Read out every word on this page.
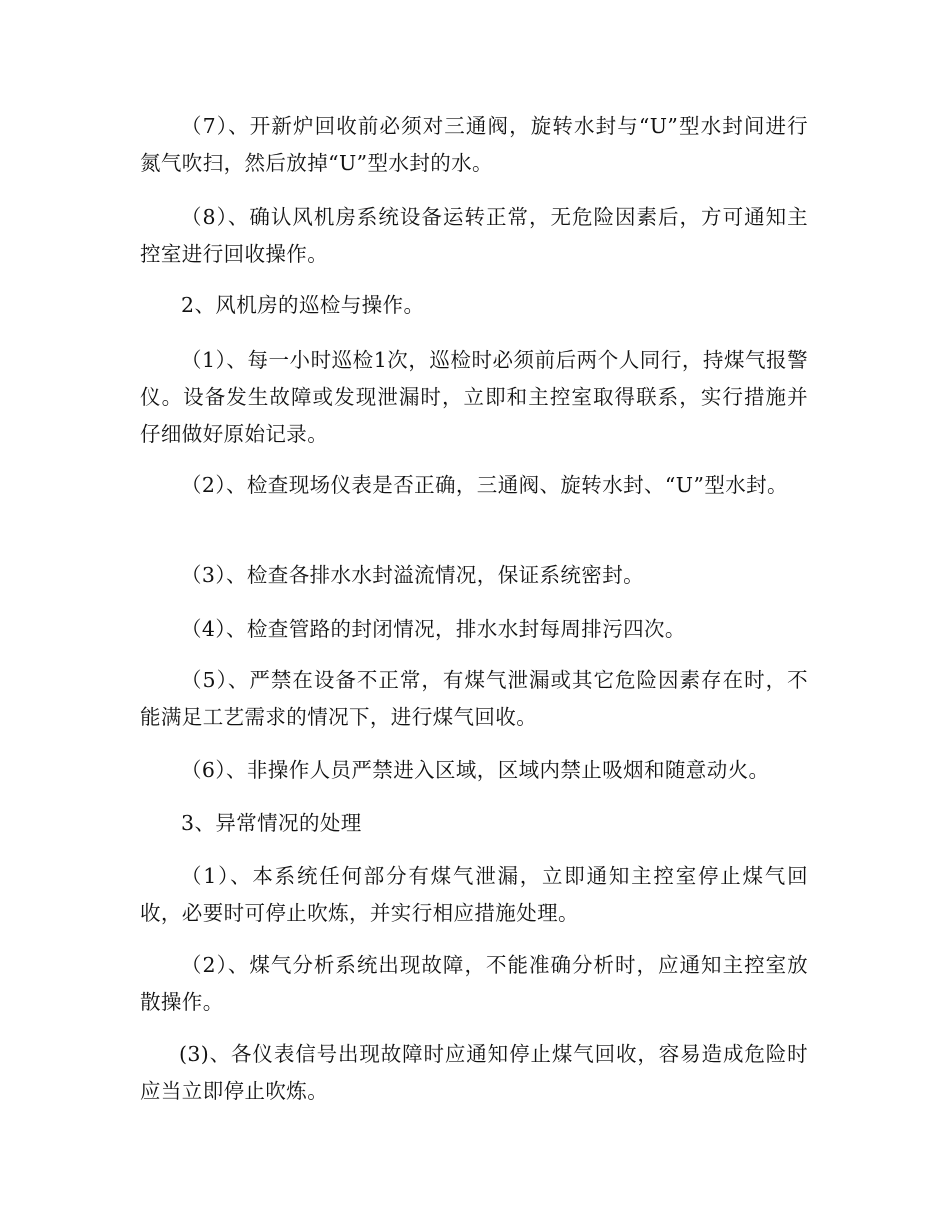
（7）、开新炉回收前必须对三通阀，旋转水封与“U”型水封间进行氮气吹扫，然后放掉“U”型水封的水。

（8）、确认风机房系统设备运转正常，无危险因素后，方可通知主控室进行回收操作。

2、风机房的巡检与操作。

（1）、每一小时巡检1次，巡检时必须前后两个人同行，持煤气报警仪。设备发生故障或发现泄漏时，立即和主控室取得联系，实行措施并仔细做好原始记录。

（2）、检查现场仪表是否正确，三通阀、旋转水封、“U”型水封。

（3）、检查各排水水封溢流情况，保证系统密封。

（4）、检查管路的封闭情况，排水水封每周排污四次。

（5）、严禁在设备不正常，有煤气泄漏或其它危险因素存在时，不能满足工艺需求的情况下，进行煤气回收。

（6）、非操作人员严禁进入区域，区域内禁止吸烟和随意动火。

3、异常情况的处理

（1）、本系统任何部分有煤气泄漏，立即通知主控室停止煤气回收，必要时可停止吹炼，并实行相应措施处理。

（2）、煤气分析系统出现故障，不能准确分析时，应通知主控室放散操作。

(3)、各仪表信号出现故障时应通知停止煤气回收，容易造成危险时应当立即停止吹炼。
